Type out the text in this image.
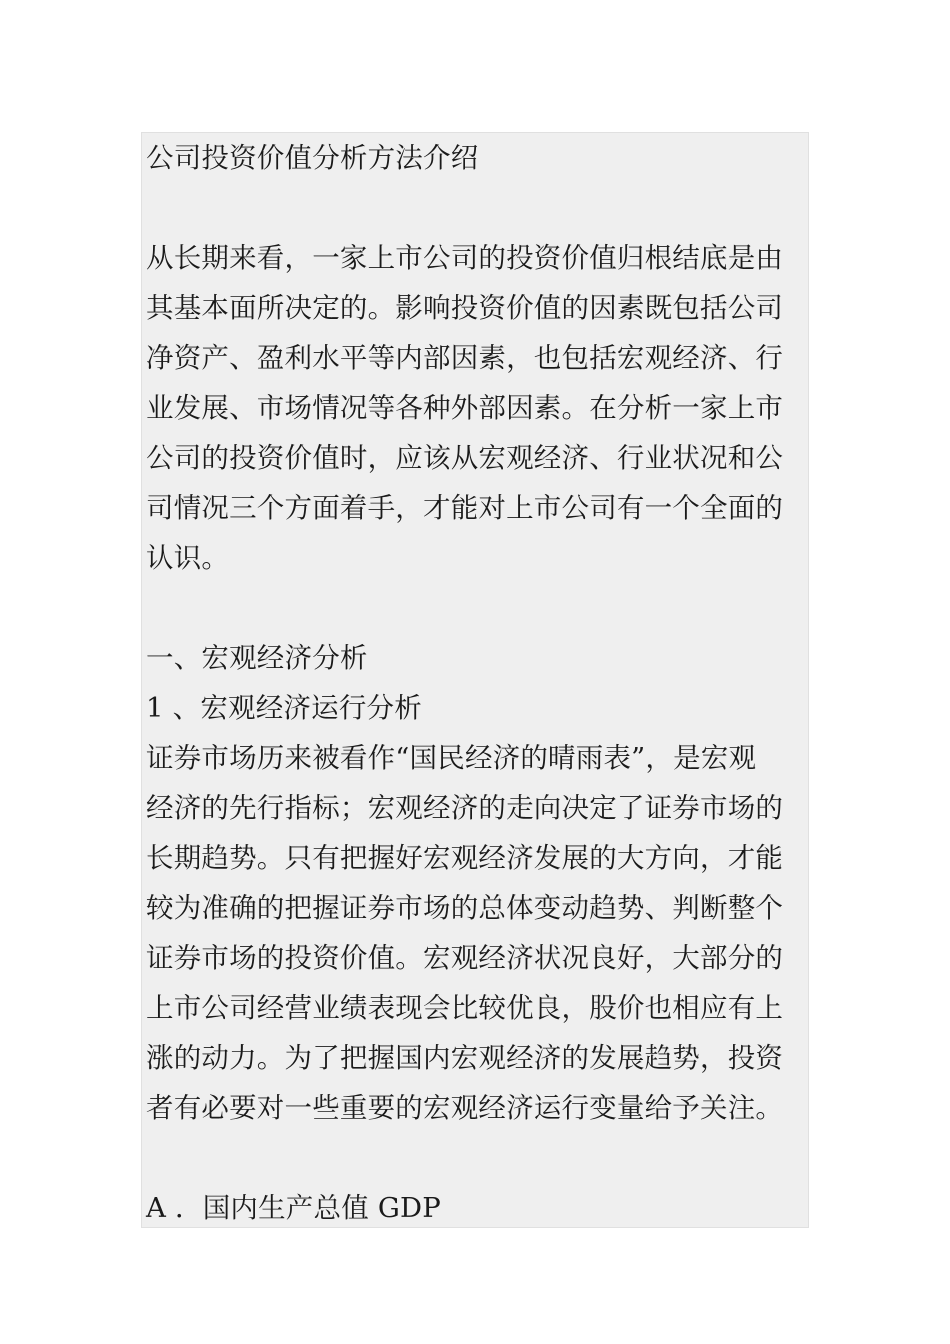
公司投资价值分析方法介绍
从长期来看，一家上市公司的投资价值归根结底是由
其基本面所决定的。影响投资价值的因素既包括公司
净资产、盈利水平等内部因素，也包括宏观经济、行
业发展、市场情况等各种外部因素。在分析一家上市
公司的投资价值时，应该从宏观经济、行业状况和公
司情况三个方面着手，才能对上市公司有一个全面的
认识。
一、宏观经济分析
1 、宏观经济运行分析
证券市场历来被看作“国民经济的晴雨表”，是宏观
经济的先行指标；宏观经济的走向决定了证券市场的
长期趋势。只有把握好宏观经济发展的大方向，才能
较为准确的把握证券市场的总体变动趋势、判断整个
证券市场的投资价值。宏观经济状况良好，大部分的
上市公司经营业绩表现会比较优良，股价也相应有上
涨的动力。为了把握国内宏观经济的发展趋势，投资
者有必要对一些重要的宏观经济运行变量给予关注。
A ．国内生产总值 GDP
